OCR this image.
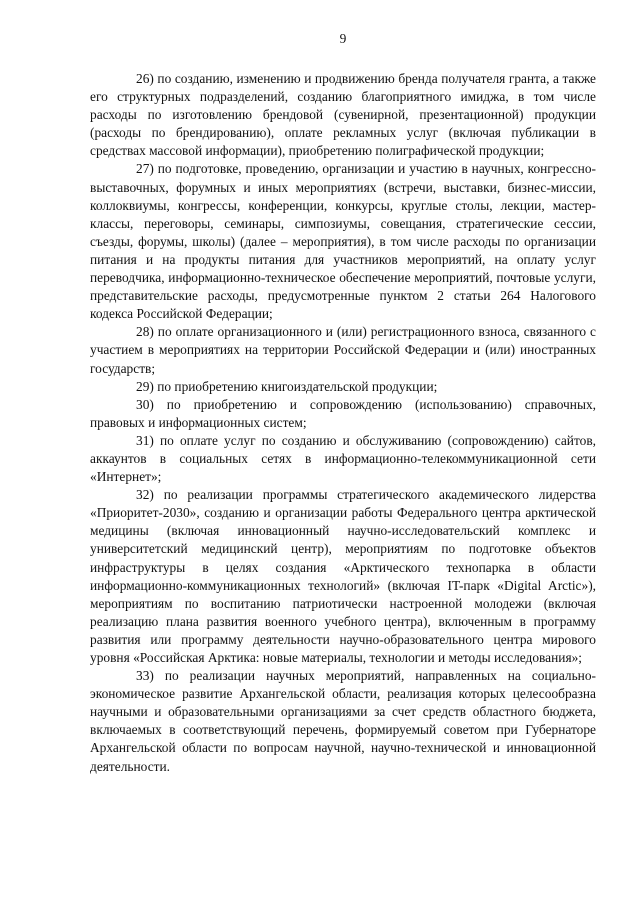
9

26) по созданию, изменению и продвижению бренда получателя гранта, а также его структурных подразделений, созданию благоприятного имиджа, в том числе расходы по изготовлению брендовой (сувенирной, презентационной) продукции (расходы по брендированию), оплате рекламных услуг (включая публикации в средствах массовой информации), приобретению полиграфической продукции;

27) по подготовке, проведению, организации и участию в научных, конгрессно-выставочных, форумных и иных мероприятиях (встречи, выставки, бизнес-миссии, коллоквиумы, конгрессы, конференции, конкурсы, круглые столы, лекции, мастер-классы, переговоры, семинары, симпозиумы, совещания, стратегические сессии, съезды, форумы, школы) (далее – мероприятия), в том числе расходы по организации питания и на продукты питания для участников мероприятий, на оплату услуг переводчика, информационно-техническое обеспечение мероприятий, почтовые услуги, представительские расходы, предусмотренные пунктом 2 статьи 264 Налогового кодекса Российской Федерации;

28) по оплате организационного и (или) регистрационного взноса, связанного с участием в мероприятиях на территории Российской Федерации и (или) иностранных государств;

29) по приобретению книгоиздательской продукции;

30) по приобретению и сопровождению (использованию) справочных, правовых и информационных систем;

31) по оплате услуг по созданию и обслуживанию (сопровождению) сайтов, аккаунтов в социальных сетях в информационно-телекоммуникационной сети «Интернет»;

32) по реализации программы стратегического академического лидерства «Приоритет-2030», созданию и организации работы Федерального центра арктической медицины (включая инновационный научно-исследовательский комплекс и университетский медицинский центр), мероприятиям по подготовке объектов инфраструктуры в целях создания «Арктического технопарка в области информационно-коммуникационных технологий» (включая IT-парк «Digital Arctic»), мероприятиям по воспитанию патриотически настроенной молодежи (включая реализацию плана развития военного учебного центра), включенным в программу развития или программу деятельности научно-образовательного центра мирового уровня «Российская Арктика: новые материалы, технологии и методы исследования»;

33) по реализации научных мероприятий, направленных на социально-экономическое развитие Архангельской области, реализация которых целесообразна научными и образовательными организациями за счет средств областного бюджета, включаемых в соответствующий перечень, формируемый советом при Губернаторе Архангельской области по вопросам научной, научно-технической и инновационной деятельности.
